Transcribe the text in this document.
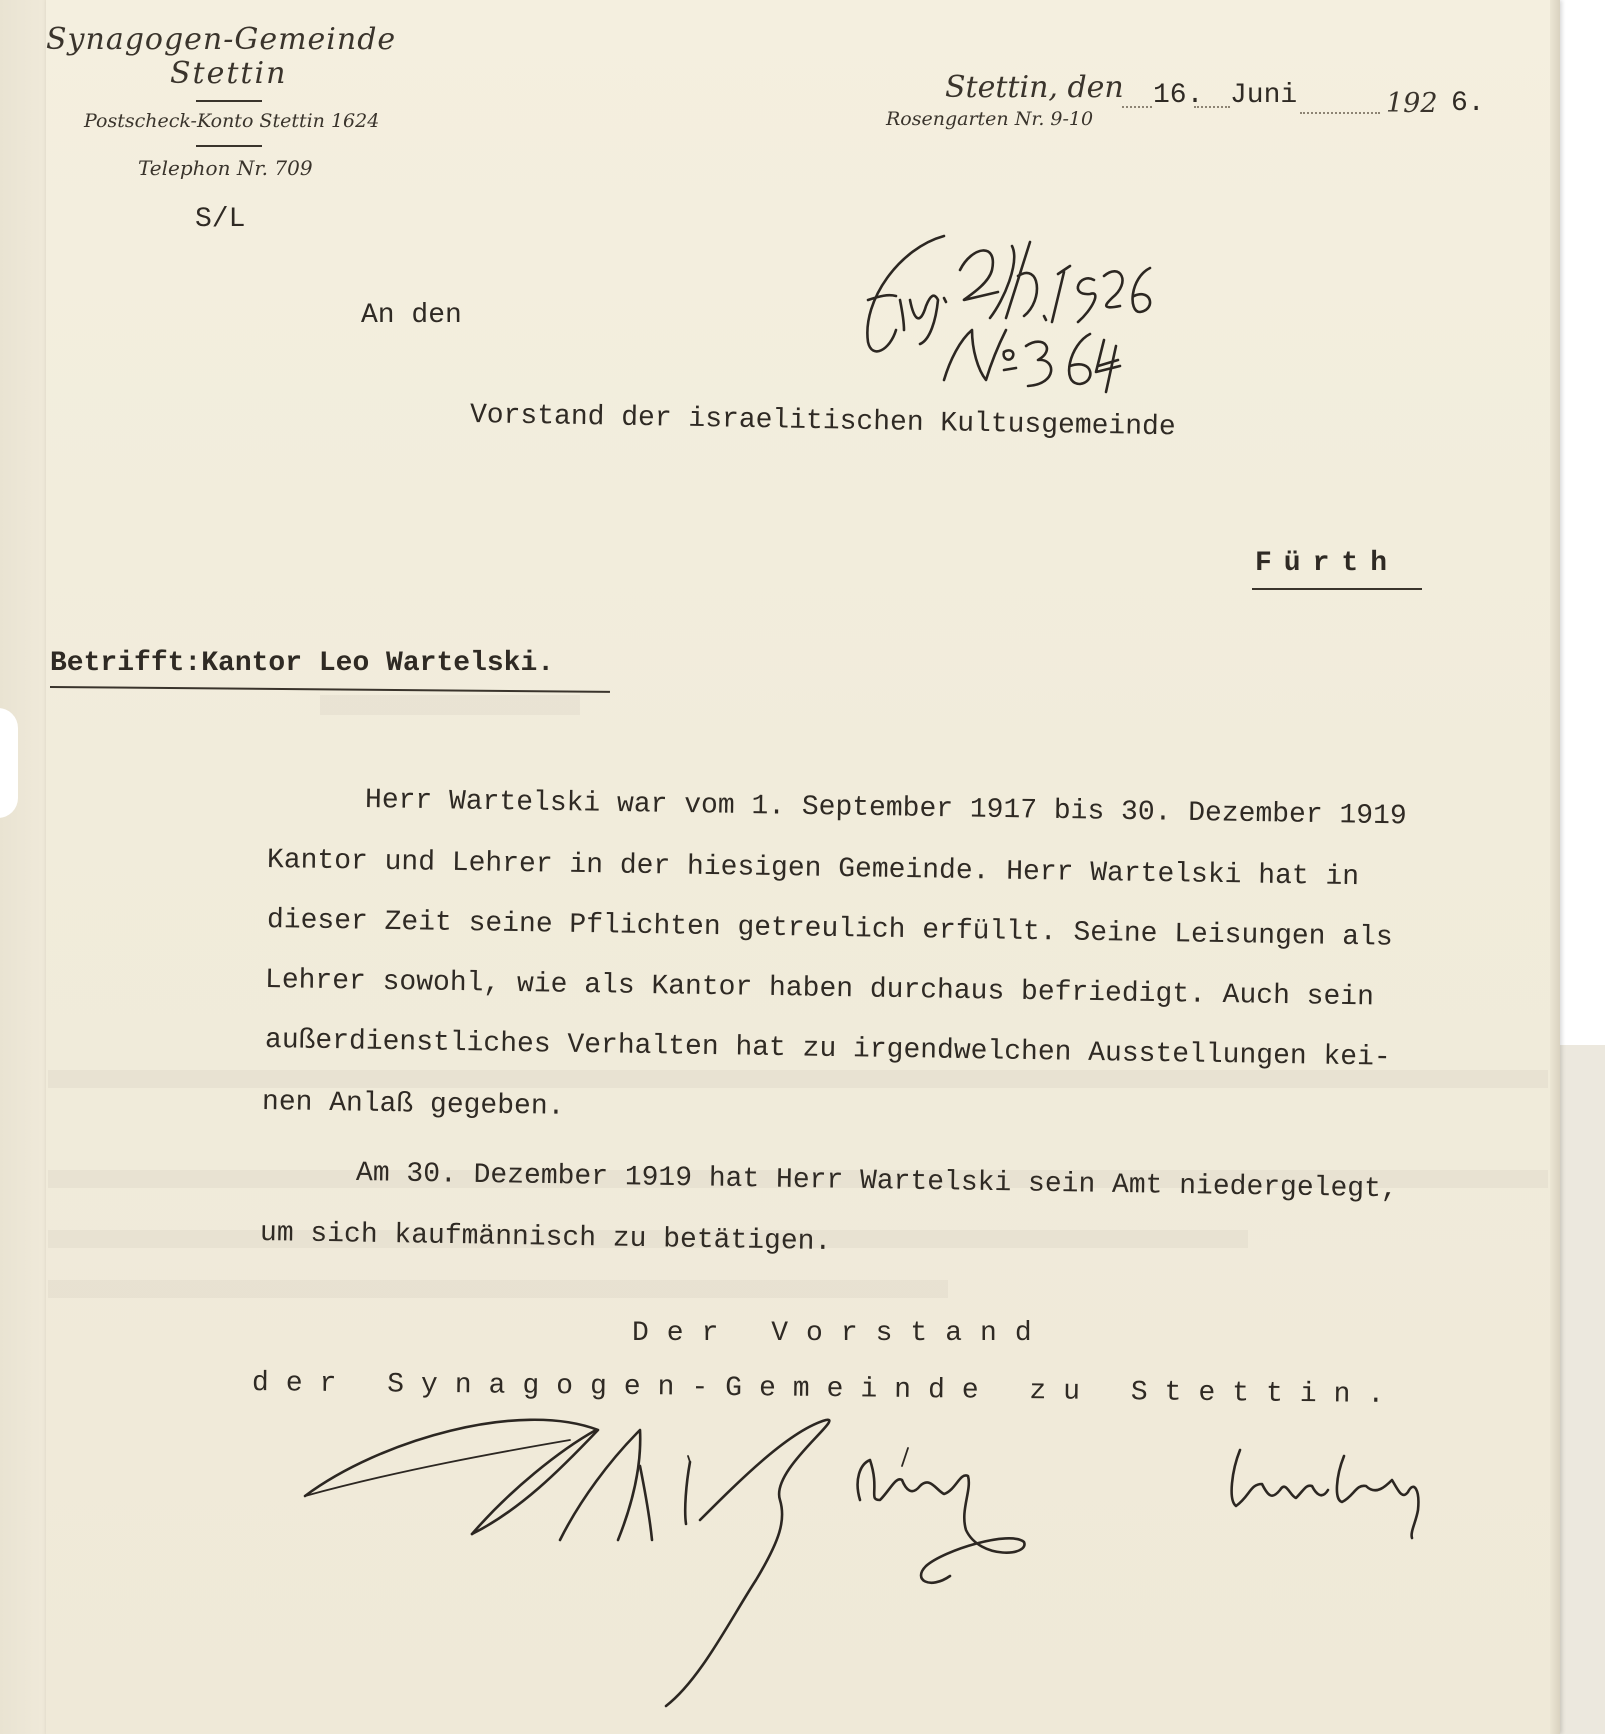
Synagogen-Gemeinde
Stettin
Postscheck-Konto Stettin 1624
Telephon Nr. 709
S/L
Stettin, den 16. Juni	192 6.
Rosengarten Nr. 9-10
An den
Vorstand der israelitischen Kultusgemeinde
Fürth
Betrifft:Kantor Leo Wartelski.
Herr Wartelski war vom 1. September 1917 bis 30. Dezember 1919
Kantor und Lehrer in der hiesigen Gemeinde. Herr Wartelski hat in
dieser Zeit seine Pflichten getreulich erfüllt. Seine Leisungen als
Lehrer sowohl, wie als Kantor haben durchaus befriedigt. Auch sein
außerdienstliches Verhalten hat zu irgendwelchen Ausstellungen kei-
nen Anlaß gegeben.
Am 30. Dezember 1919 hat Herr Wartelski sein Amt niedergelegt,
um sich kaufmännisch zu betätigen.
Der Vorstand
der Synagogen-Gemeinde zu Stettin.
